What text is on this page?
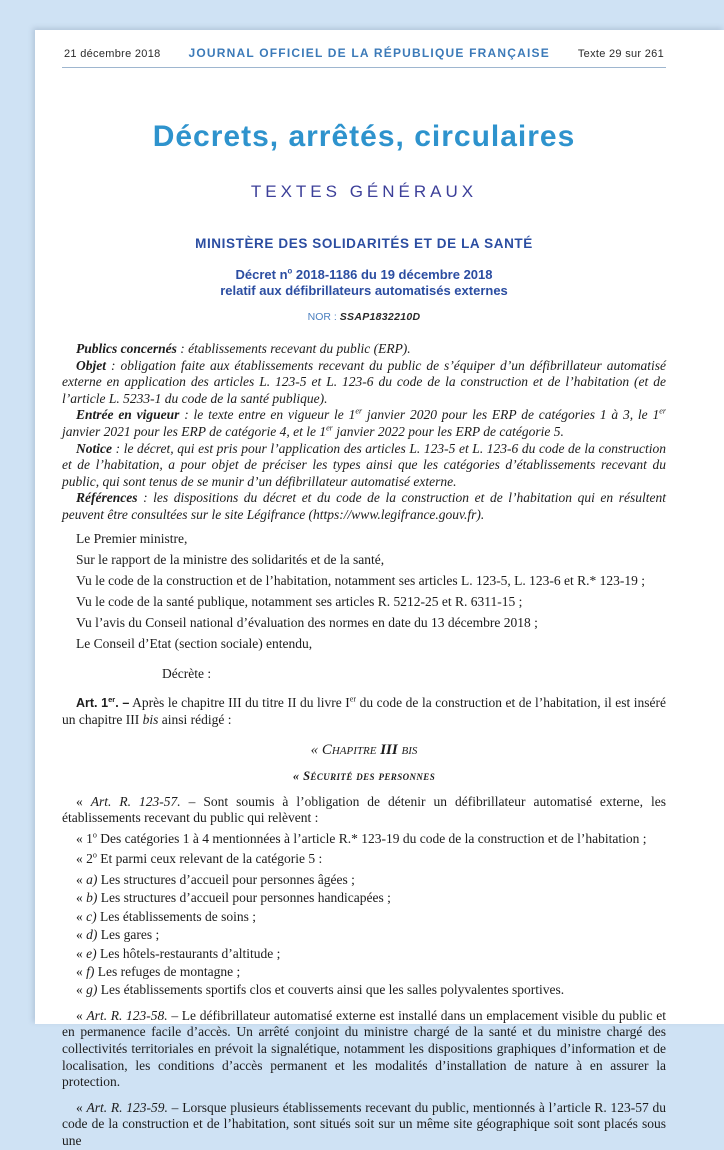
21 décembre 2018 JOURNAL OFFICIEL DE LA RÉPUBLIQUE FRANÇAISE	Texte 29 sur 261
Décrets, arrêtés, circulaires
TEXTES GÉNÉRAUX
MINISTÈRE DES SOLIDARITÉS ET DE LA SANTÉ
Décret $n^o$ 2018-1186 du 19 décembre 2018
relatif aux défibrillateurs automatisés externes
NOR : SSAP1832210D

Publics concernés : établissements recevant du public (ERP).

Objet : obligation faite aux établissements recevant du public de s’équiper d’un défibrillateur automatisé externe en application des articles L. 123-5 et L. 123-6 du code de la construction et de l’habitation (et de l’article L. 5233-1 du code de la santé publique).

Entrée en vigueur : le texte entre en vigueur le 1er janvier 2020 pour les ERP de catégories 1 à 3, le 1er janvier 2021 pour les ERP de catégorie 4, et le 1er janvier 2022 pour les ERP de catégorie 5.

Notice : le décret, qui est pris pour l’application des articles L. 123-5 et L. 123-6 du code de la construction et de l’habitation, a pour objet de préciser les types ainsi que les catégories d’établissements recevant du public, qui sont tenus de se munir d’un défibrillateur automatisé externe.

Références : les dispositions du décret et du code de la construction et de l’habitation qui en résultent peuvent être consultées sur le site Légifrance (https://www.legifrance.gouv.fr).

Le Premier ministre,

Sur le rapport de la ministre des solidarités et de la santé,

Vu le code de la construction et de l’habitation, notamment ses articles L. 123-5, L. 123-6 et R.* 123-19 ;

Vu le code de la santé publique, notamment ses articles R. 5212-25 et R. 6311-15 ;

Vu l’avis du Conseil national d’évaluation des normes en date du 13 décembre 2018 ;

Le Conseil d’Etat (section sociale) entendu,

Décrète :

Art. 1er. – Après le chapitre III du titre II du livre Ier du code de la construction et de l’habitation, il est inséré un chapitre III bis ainsi rédigé :

« Chapitre III bis

« Sécurité des personnes

« Art. R. 123-57. – Sont soumis à l’obligation de détenir un défibrillateur automatisé externe, les établissements recevant du public qui relèvent :

« 1$^o$ Des catégories 1 à 4 mentionnées à l’article R.* 123-19 du code de la construction et de l’habitation ;

« 2$^o$ Et parmi ceux relevant de la catégorie 5 :

« a) Les structures d’accueil pour personnes âgées ;

« b) Les structures d’accueil pour personnes handicapées ;

« c) Les établissements de soins ;

« d) Les gares ;

« e) Les hôtels-restaurants d’altitude ;

« f) Les refuges de montagne ;

« g) Les établissements sportifs clos et couverts ainsi que les salles polyvalentes sportives.

« Art. R. 123-58. – Le défibrillateur automatisé externe est installé dans un emplacement visible du public et en permanence facile d’accès. Un arrêté conjoint du ministre chargé de la santé et du ministre chargé des collectivités territoriales en prévoit la signalétique, notamment les dispositions graphiques d’information et de localisation, les conditions d’accès permanent et les modalités d’installation de nature à en assurer la protection.

« Art. R. 123-59. – Lorsque plusieurs établissements recevant du public, mentionnés à l’article R. 123-57 du code de la construction et de l’habitation, sont situés soit sur un même site géographique soit sont placés sous une
